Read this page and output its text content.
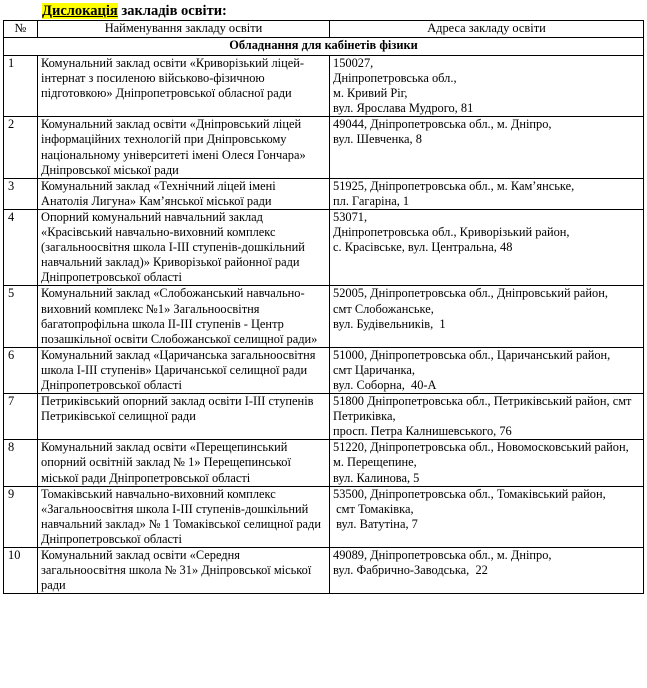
Дислокація закладів освіти:
№	Найменування закладу освіти	Адреса закладу освіти
Обладнання для кабінетів фізики		
1	Комунальний заклад освіти «Криворізький ліцей-інтернат з посиленою військово-фізичною підготовкою» Дніпропетровської обласної ради	150027,
Дніпропетровська обл.,
м. Кривий Ріг,
вул. Ярослава Мудрого, 81

2	Комунальний заклад освіти «Дніпровський ліцей інформаційних технологій при Дніпровському національному університеті імені Олеся Гончара» Дніпровської міської ради	49044, Дніпропетровська обл., м. Дніпро,
вул. Шевченка, 8

3	Комунальний заклад «Технічний ліцей імені Анатолія Лигуна» Кам’янської міської ради	51925, Дніпропетровська обл., м. Кам’янське,
пл. Гагаріна, 1

4	Опорний комунальний навчальний заклад «Красівський навчально-виховний комплекс (загальноосвітня школа І-ІІІ ступенів-дошкільний навчальний заклад)» Криворізької районної ради Дніпропетровської області	53071,
Дніпропетровська обл., Криворізький район,
с. Красівське, вул. Центральна, 48

5	Комунальний заклад «Слобожанський навчально-виховний комплекс №1» Загальноосвітня багатопрофільна школа ІІ-ІІІ ступенів - Центр позашкільної освіти Слобожанської селищної ради»	52005, Дніпропетровська обл., Дніпровський район,
смт Слобожанське,
вул. Будівельників,  1

6	Комунальний заклад «Царичанська загальноосвітня школа І-ІІІ ступенів» Царичанської селищної ради Дніпропетровської області	51000, Дніпропетровська обл., Царичанський район,
смт Царичанка,
вул. Соборна,  40-А

7	Петриківський опорний заклад освіти І-ІІІ ступенів Петриківської селищної ради	51800 Дніпропетровська обл., Петриківський район, смт Петриківка,
просп. Петра Калнишевського, 76

8	Комунальний заклад освіти «Перещепинський опорний освітній заклад № 1» Перещепинської міської ради Дніпропетровської області	51220, Дніпропетровська обл., Новомосковський район,
м. Перещепине,
вул. Калинова, 5

9	Томаківський навчально-виховний комплекс «Загальноосвітня школа І-ІІІ ступенів-дошкільний навчальний заклад» № 1 Томаківської селищної ради Дніпропетровської області	53500, Дніпропетровська обл., Томаківський район,
смт Томаківка,
вул. Ватутіна, 7

10	Комунальний заклад освіти «Середня загальноосвітня школа № 31» Дніпровської міської ради	49089, Дніпропетровська обл., м. Дніпро,
вул. Фабрично-Заводська,  22
